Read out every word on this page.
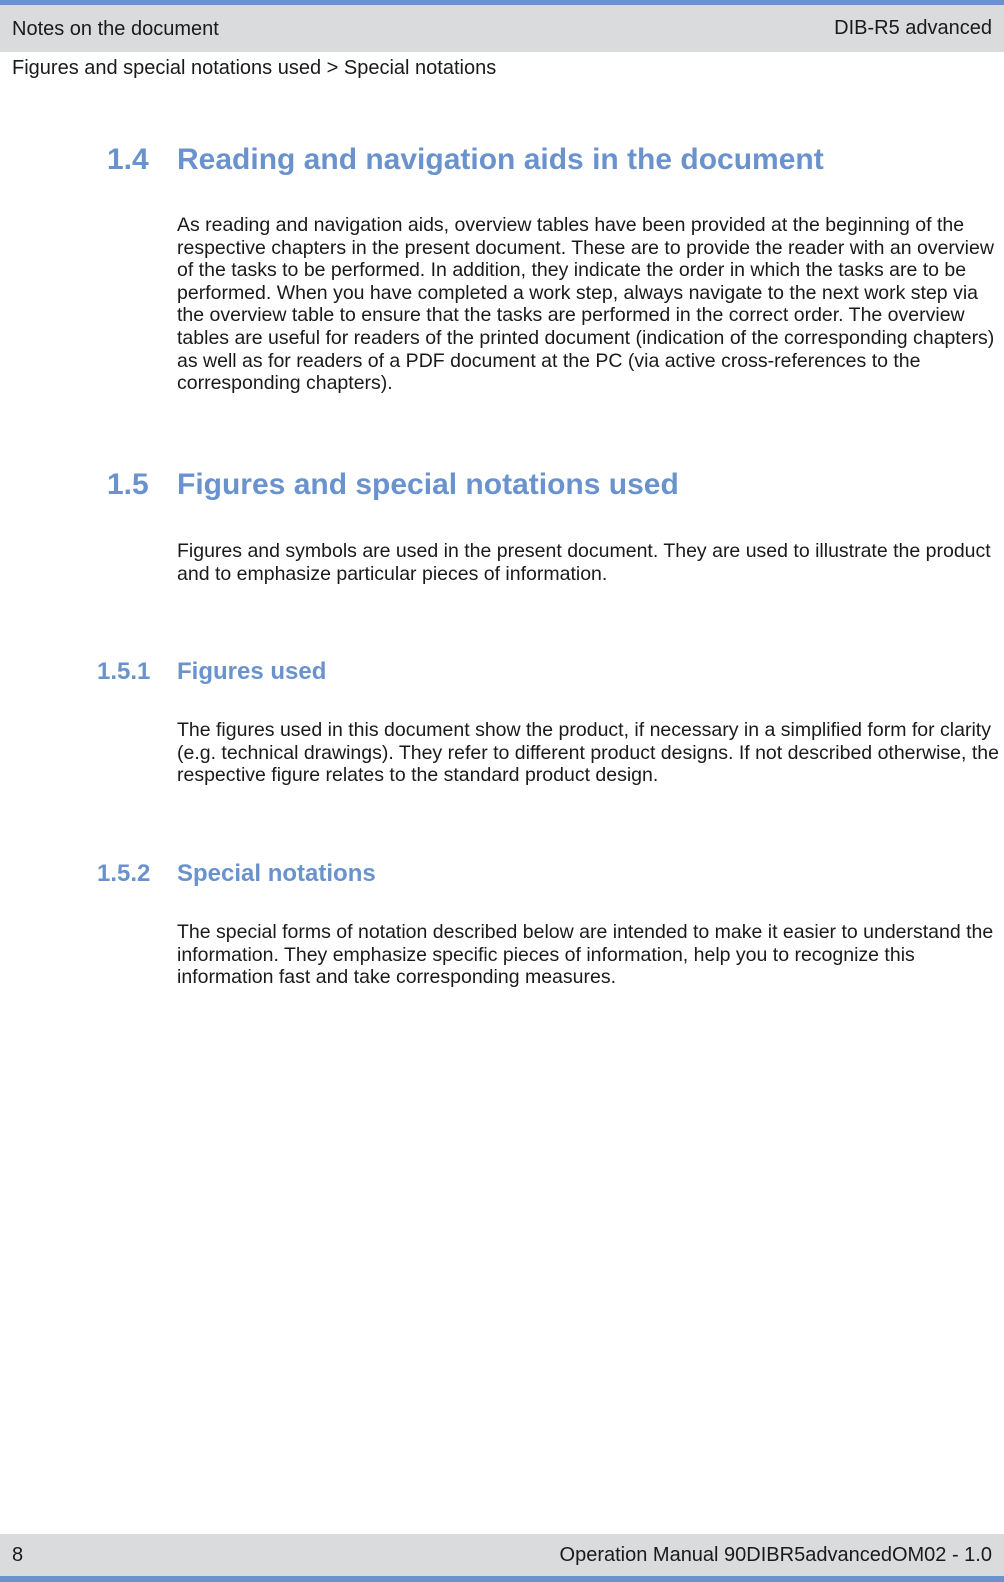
Notes on the document	DIB-R5 advanced
Figures and special notations used > Special notations
1.4 Reading and navigation aids in the document

As reading and navigation aids, overview tables have been provided at the beginning of the respective chapters in the present document. These are to provide the reader with an overview of the tasks to be performed. In addition, they indicate the order in which the tasks are to be performed. When you have completed a work step, always navigate to the next work step via the overview table to ensure that the tasks are performed in the correct order. The overview tables are useful for readers of the printed document (indication of the corresponding chapters) as well as for readers of a PDF document at the PC (via active cross-references to the corresponding chapters).

1.5 Figures and special notations used

Figures and symbols are used in the present document. They are used to illustrate the product and to emphasize particular pieces of information.

1.5.1 Figures used

The figures used in this document show the product, if necessary in a simplified form for clarity (e.g. technical drawings). They refer to different product designs. If not described otherwise, the respective figure relates to the standard product design.

1.5.2 Special notations

The special forms of notation described below are intended to make it easier to understand the information. They emphasize specific pieces of information, help you to recognize this information fast and take corresponding measures.

8	Operation Manual 90DIBR5advancedOM02 - 1.0
